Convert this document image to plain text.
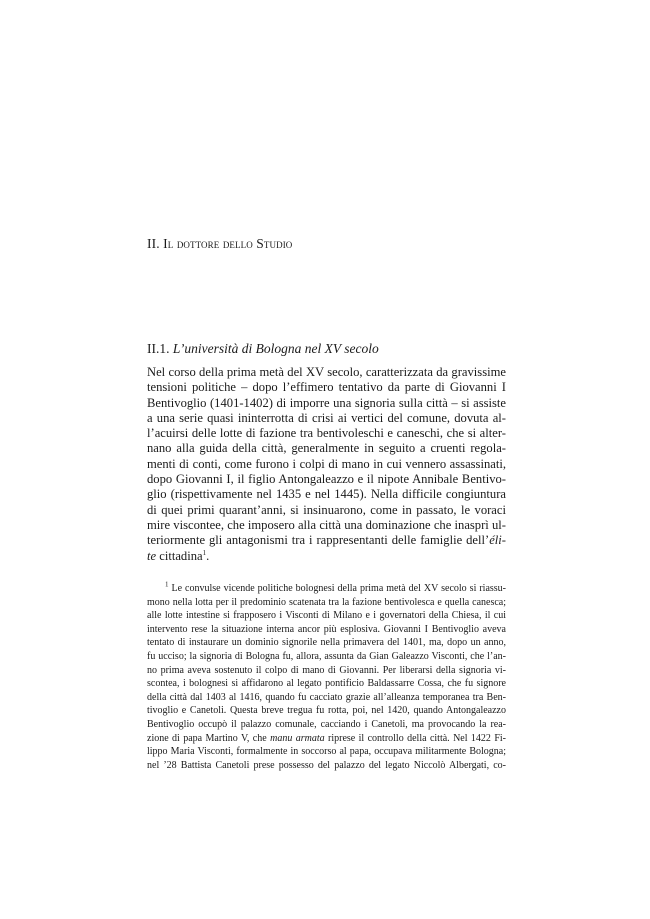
II. Il dottore dello Studio
II.1. L’università di Bologna nel XV secolo
Nel corso della prima metà del XV secolo, caratterizzata da gravissime
tensioni politiche – dopo l’effimero tentativo da parte di Giovanni I
Bentivoglio (1401-1402) di imporre una signoria sulla città – si assiste
a una serie quasi ininterrotta di crisi ai vertici del comune, dovuta al-
l’acuirsi delle lotte di fazione tra bentivoleschi e caneschi, che si alter-
nano alla guida della città, generalmente in seguito a cruenti regola-
menti di conti, come furono i colpi di mano in cui vennero assassinati,
dopo Giovanni I, il figlio Antongaleazzo e il nipote Annibale Bentivo-
glio (rispettivamente nel 1435 e nel 1445). Nella difficile congiuntura
di quei primi quarant’anni, si insinuarono, come in passato, le voraci
mire viscontee, che imposero alla città una dominazione che inasprì ul-
teriormente gli antagonismi tra i rappresentanti delle famiglie dell’éli-
te cittadina$^1$.
$^1$ Le convulse vicende politiche bolognesi della prima metà del XV secolo si riassu-
mono nella lotta per il predominio scatenata tra la fazione bentivolesca e quella canesca;
alle lotte intestine si frapposero i Visconti di Milano e i governatori della Chiesa, il cui
intervento rese la situazione interna ancor più esplosiva. Giovanni I Bentivoglio aveva
tentato di instaurare un dominio signorile nella primavera del 1401, ma, dopo un anno,
fu ucciso; la signoria di Bologna fu, allora, assunta da Gian Galeazzo Visconti, che l’an-
no prima aveva sostenuto il colpo di mano di Giovanni. Per liberarsi della signoria vi-
scontea, i bolognesi si affidarono al legato pontificio Baldassarre Cossa, che fu signore
della città dal 1403 al 1416, quando fu cacciato grazie all’alleanza temporanea tra Ben-
tivoglio e Canetoli. Questa breve tregua fu rotta, poi, nel 1420, quando Antongaleazzo
Bentivoglio occupò il palazzo comunale, cacciando i Canetoli, ma provocando la rea-
zione di papa Martino V, che manu armata riprese il controllo della città. Nel 1422 Fi-
lippo Maria Visconti, formalmente in soccorso al papa, occupava militarmente Bologna;
nel ’28 Battista Canetoli prese possesso del palazzo del legato Niccolò Albergati, co-
